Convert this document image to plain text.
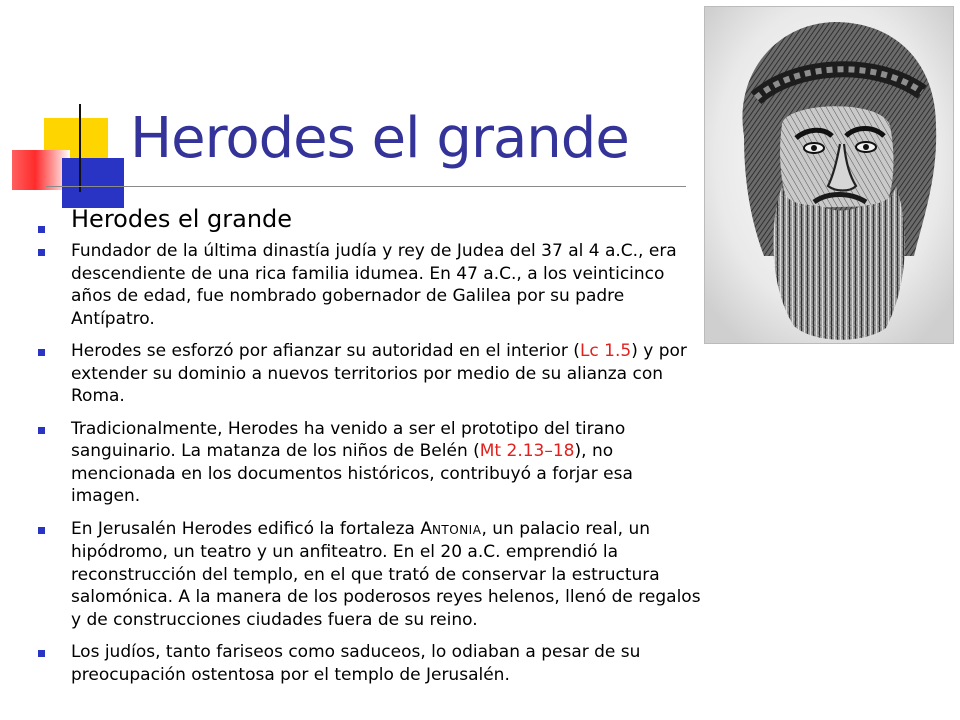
Herodes el grande
Herodes el grande
Fundador de la última dinastía judía y rey de Judea del 37 al 4 a.C., era descendiente de una rica familia idumea. En 47 a.C., a los veinticinco años de edad, fue nombrado gobernador de Galilea por su padre Antípatro.
Herodes se esforzó por afianzar su autoridad en el interior (Lc 1.5) y por extender su dominio a nuevos territorios por medio de su alianza con Roma.
Tradicionalmente, Herodes ha venido a ser el prototipo del tirano sanguinario. La matanza de los niños de Belén (Mt 2.13–18), no mencionada en los documentos históricos, contribuyó a forjar esa imagen.
En Jerusalén Herodes edificó la fortaleza ANTONIA, un palacio real, un hipódromo, un teatro y un anfiteatro. En el 20 a.C. emprendió la reconstrucción del templo, en el que trató de conservar la estructura salomónica. A la manera de los poderosos reyes helenos, llenó de regalos y de construcciones ciudades fuera de su reino.
Los judíos, tanto fariseos como saduceos, lo odiaban a pesar de su preocupación ostentosa por el templo de Jerusalén.
